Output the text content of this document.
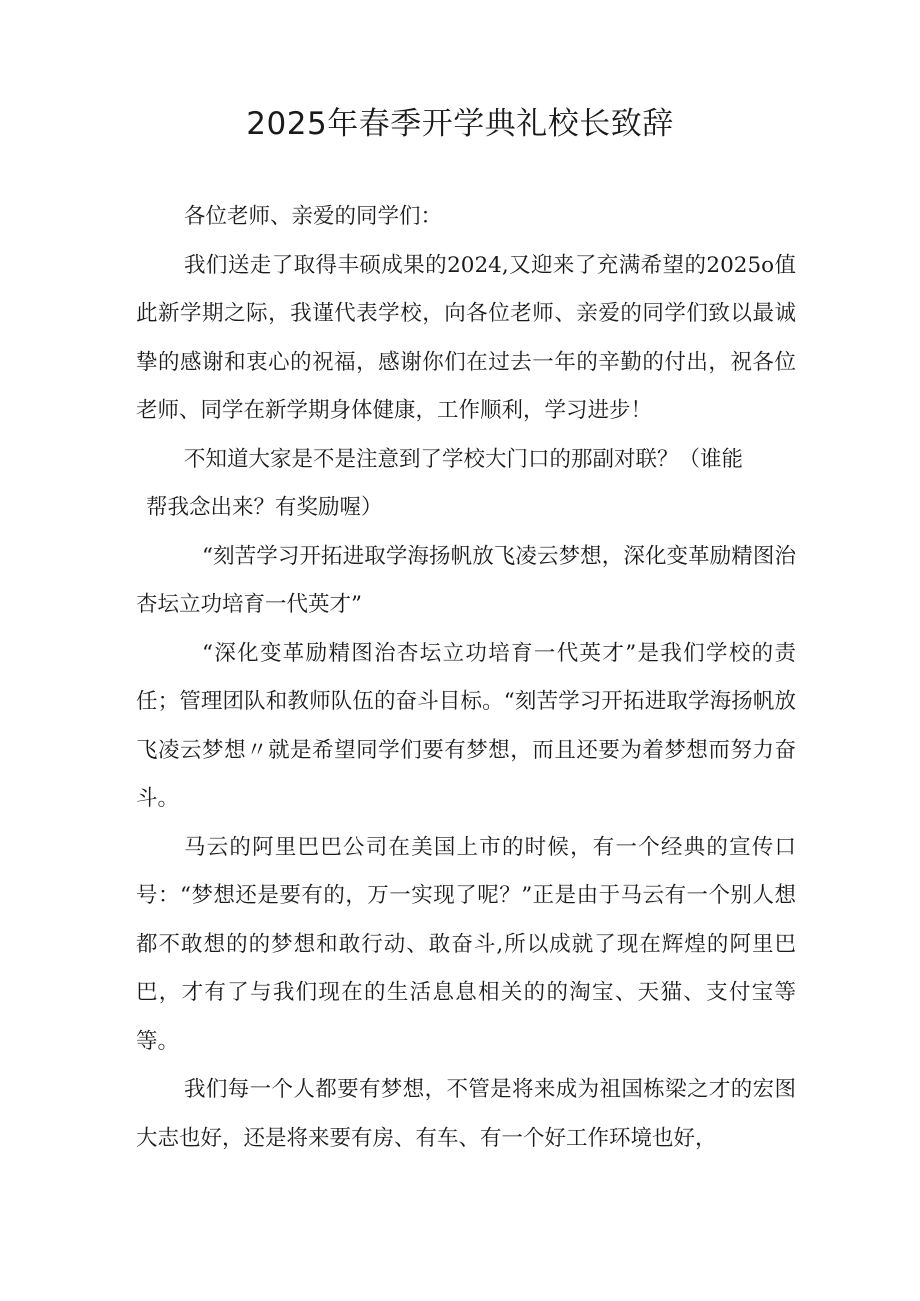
2025年春季开学典礼校长致辞

各位老师、亲爱的同学们：

我们送走了取得丰硕成果的2024,又迎来了充满希望的2025o值此新学期之际，我谨代表学校，向各位老师、亲爱的同学们致以最诚挚的感谢和衷心的祝福，感谢你们在过去一年的辛勤的付出，祝各位老师、同学在新学期身体健康，工作顺利，学习进步！

不知道大家是不是注意到了学校大门口的那副对联？（谁能

帮我念出来？有奖励喔）

“刻苦学习开拓进取学海扬帆放飞凌云梦想，深化变革励精图治杏坛立功培育一代英才”

“深化变革励精图治杏坛立功培育一代英才”是我们学校的责任；管理团队和教师队伍的奋斗目标。“刻苦学习开拓进取学海扬帆放飞凌云梦想〃就是希望同学们要有梦想，而且还要为着梦想而努力奋斗。

马云的阿里巴巴公司在美国上市的时候，有一个经典的宣传口号：“梦想还是要有的，万一实现了呢？”正是由于马云有一个别人想都不敢想的的梦想和敢行动、敢奋斗,所以成就了现在辉煌的阿里巴巴，才有了与我们现在的生活息息相关的的淘宝、天猫、支付宝等等。

我们每一个人都要有梦想，不管是将来成为祖国栋梁之才的宏图大志也好，还是将来要有房、有车、有一个好工作环境也好，
